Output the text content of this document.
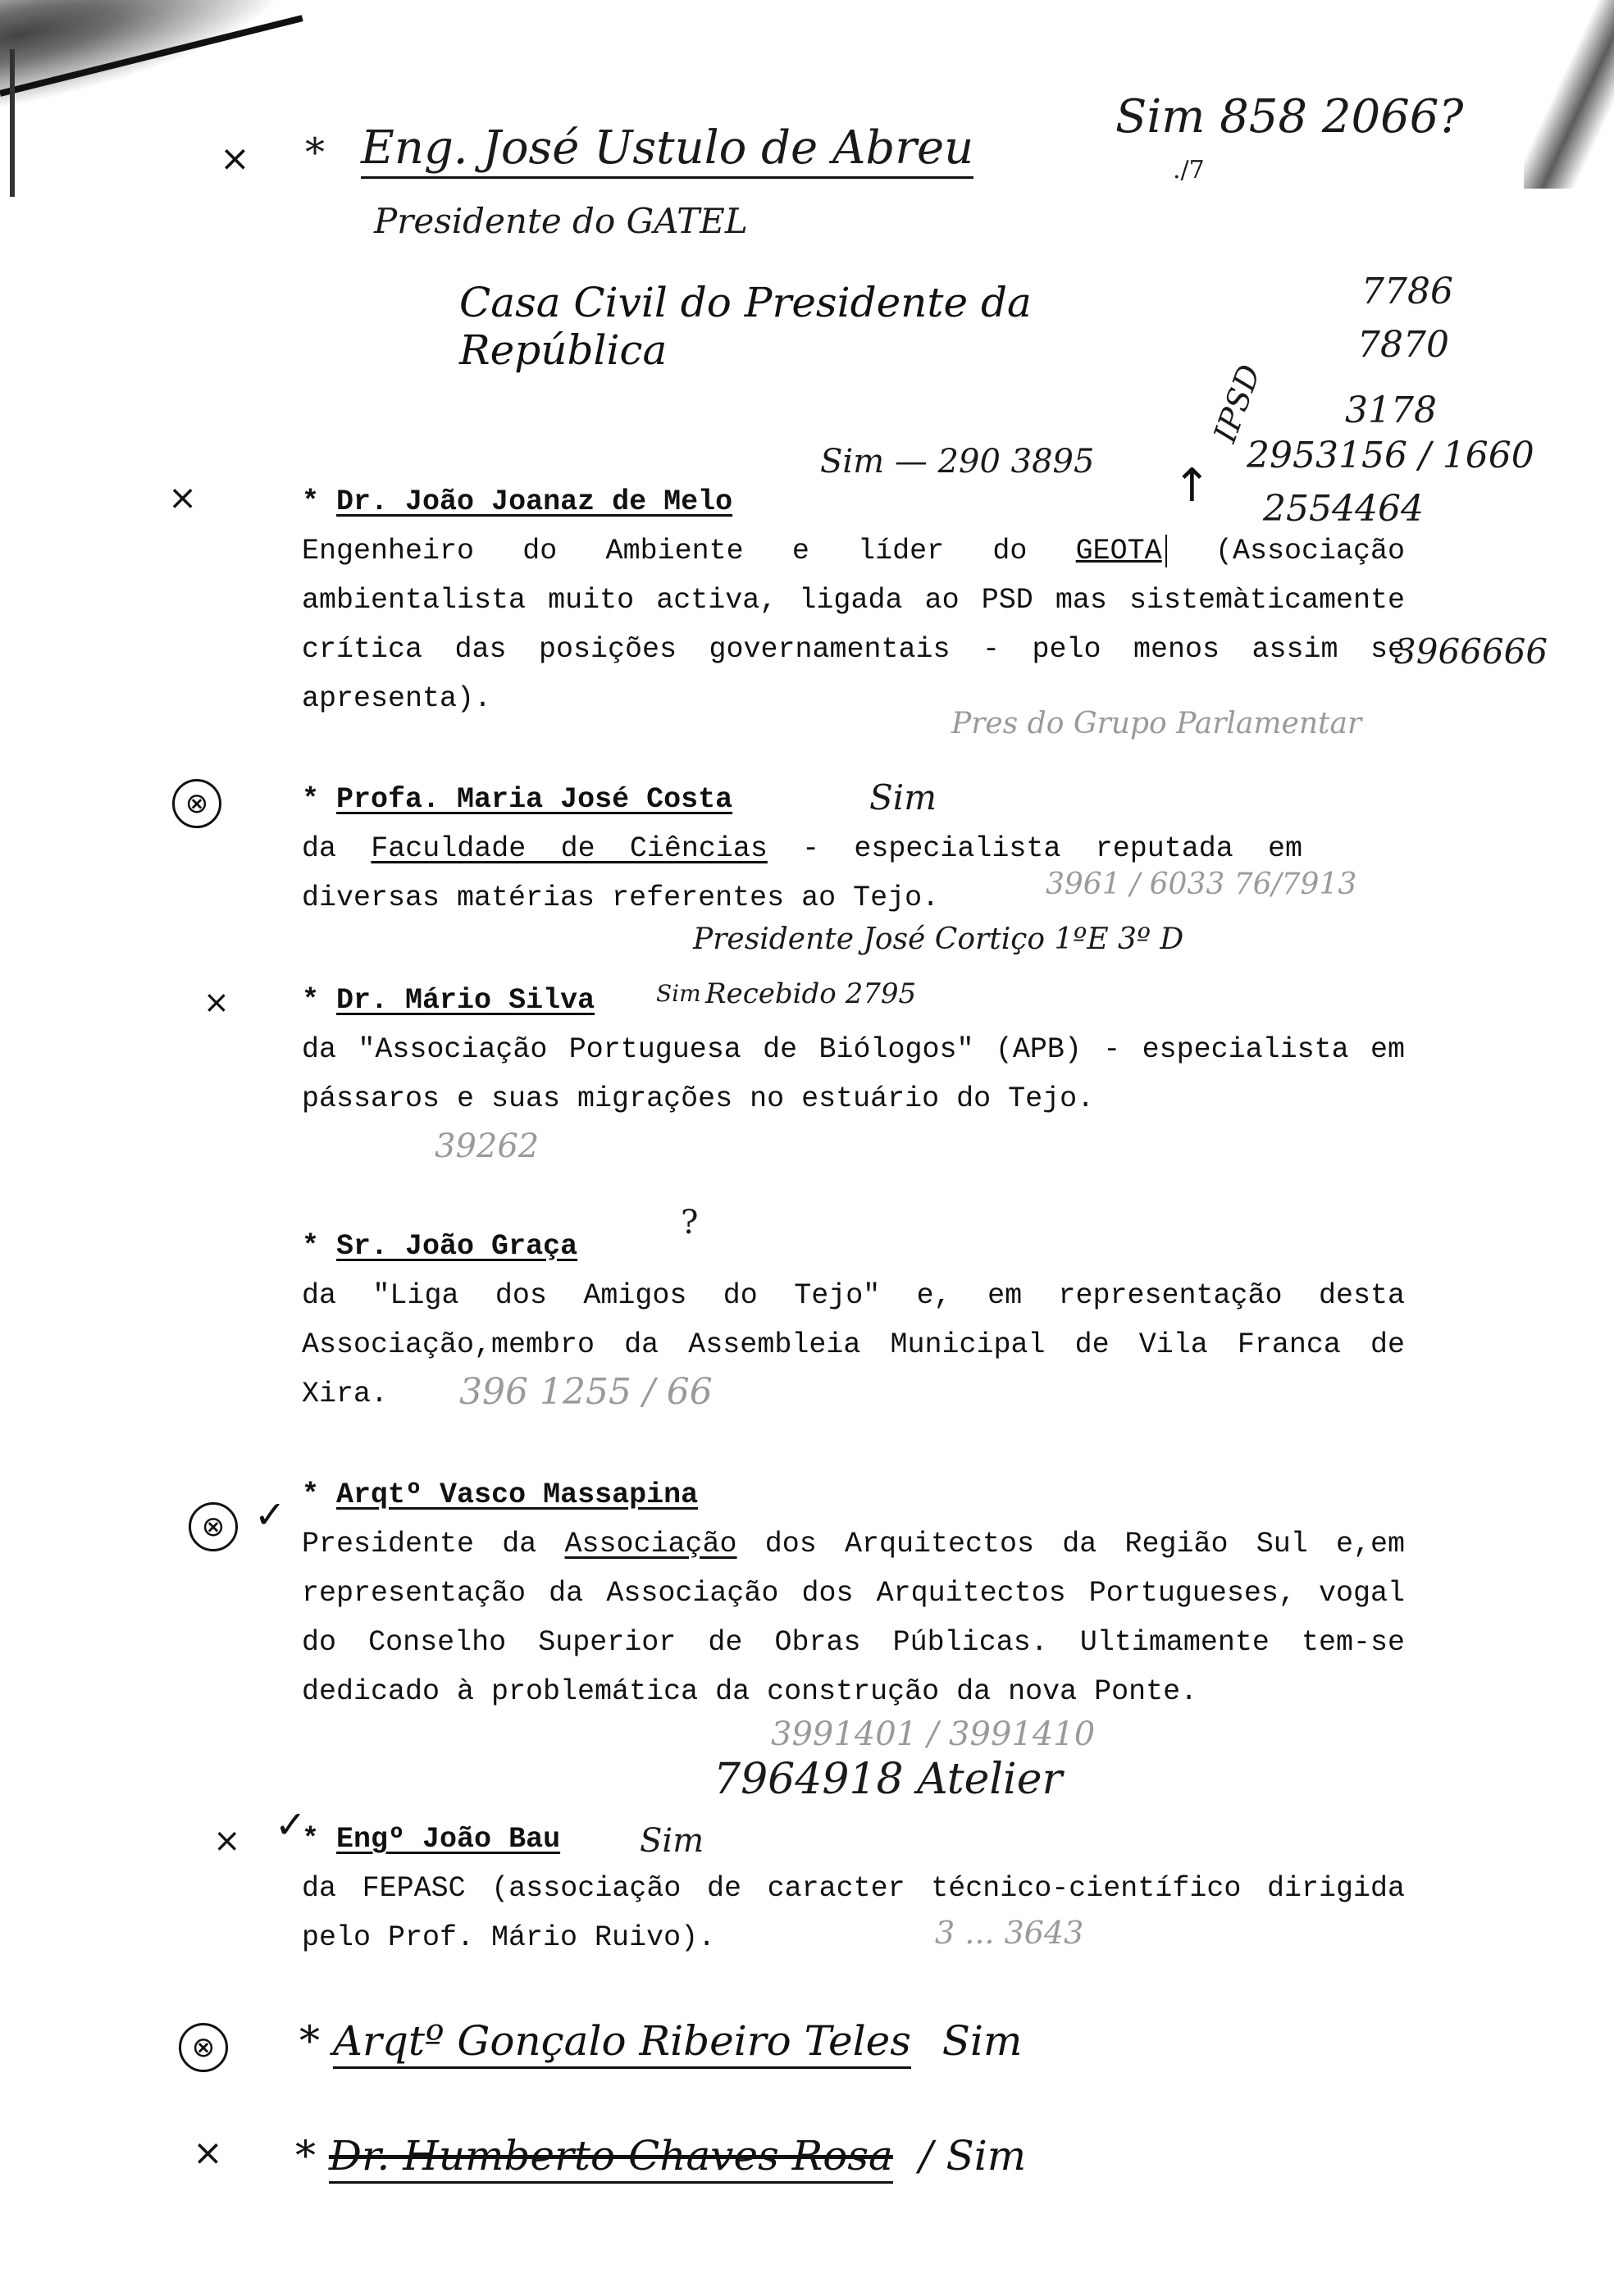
× * Eng. José Ustulo de Abreu
Sim 858 2066?
./7
Presidente do GATEL
Casa Civil do Presidente da República
7786
7870
3178
2953156 / 1660
2554464
IPSD
↑
×
Sim — 290 3895
3966666
Pres do Grupo Parlamentar

* Dr. João Joanaz de Melo

Engenheiro do Ambiente e líder do GEOTA (Associação ambientalista muito activa, ligada ao PSD mas sistemàticamente crítica das posições governamentais - pelo menos assim se apresenta).

⊗	Sim
3961 / 6033 76/7913

* Profa. Maria José Costa

da Faculdade de Ciências - especialista reputada em diversas matérias referentes ao Tejo.

×
Presidente José Cortiço 1ºE 3º D
Sim Recebido 2795
39262

* Dr. Mário Silva

da "Associação Portuguesa de Biólogos" (APB) - especialista em pássaros e suas migrações no estuário do Tejo.

?
396 1255 / 66

* Sr. João Graça

da "Liga dos Amigos do Tejo" e, em representação desta Associação,membro da Assembleia Municipal de Vila Franca de Xira.

⊗ ✓
3991401 / 3991410
7964918 Atelier

* Arqtº Vasco Massapina

Presidente da Associação dos Arquitectos da Região Sul e,em representação da Associação dos Arquitectos Portugueses, vogal do Conselho Superior de Obras Públicas. Ultimamente tem-se dedicado à problemática da construção da nova Ponte.

× ✓	Sim
3 ... 3643

* Engº João Bau

da FEPASC (associação de caracter técnico-científico dirigida pelo Prof. Mário Ruivo).

⊗	* Arqtº Gonçalo Ribeiro Teles Sim
× * Dr. Humberto Chaves Rosa / Sim
